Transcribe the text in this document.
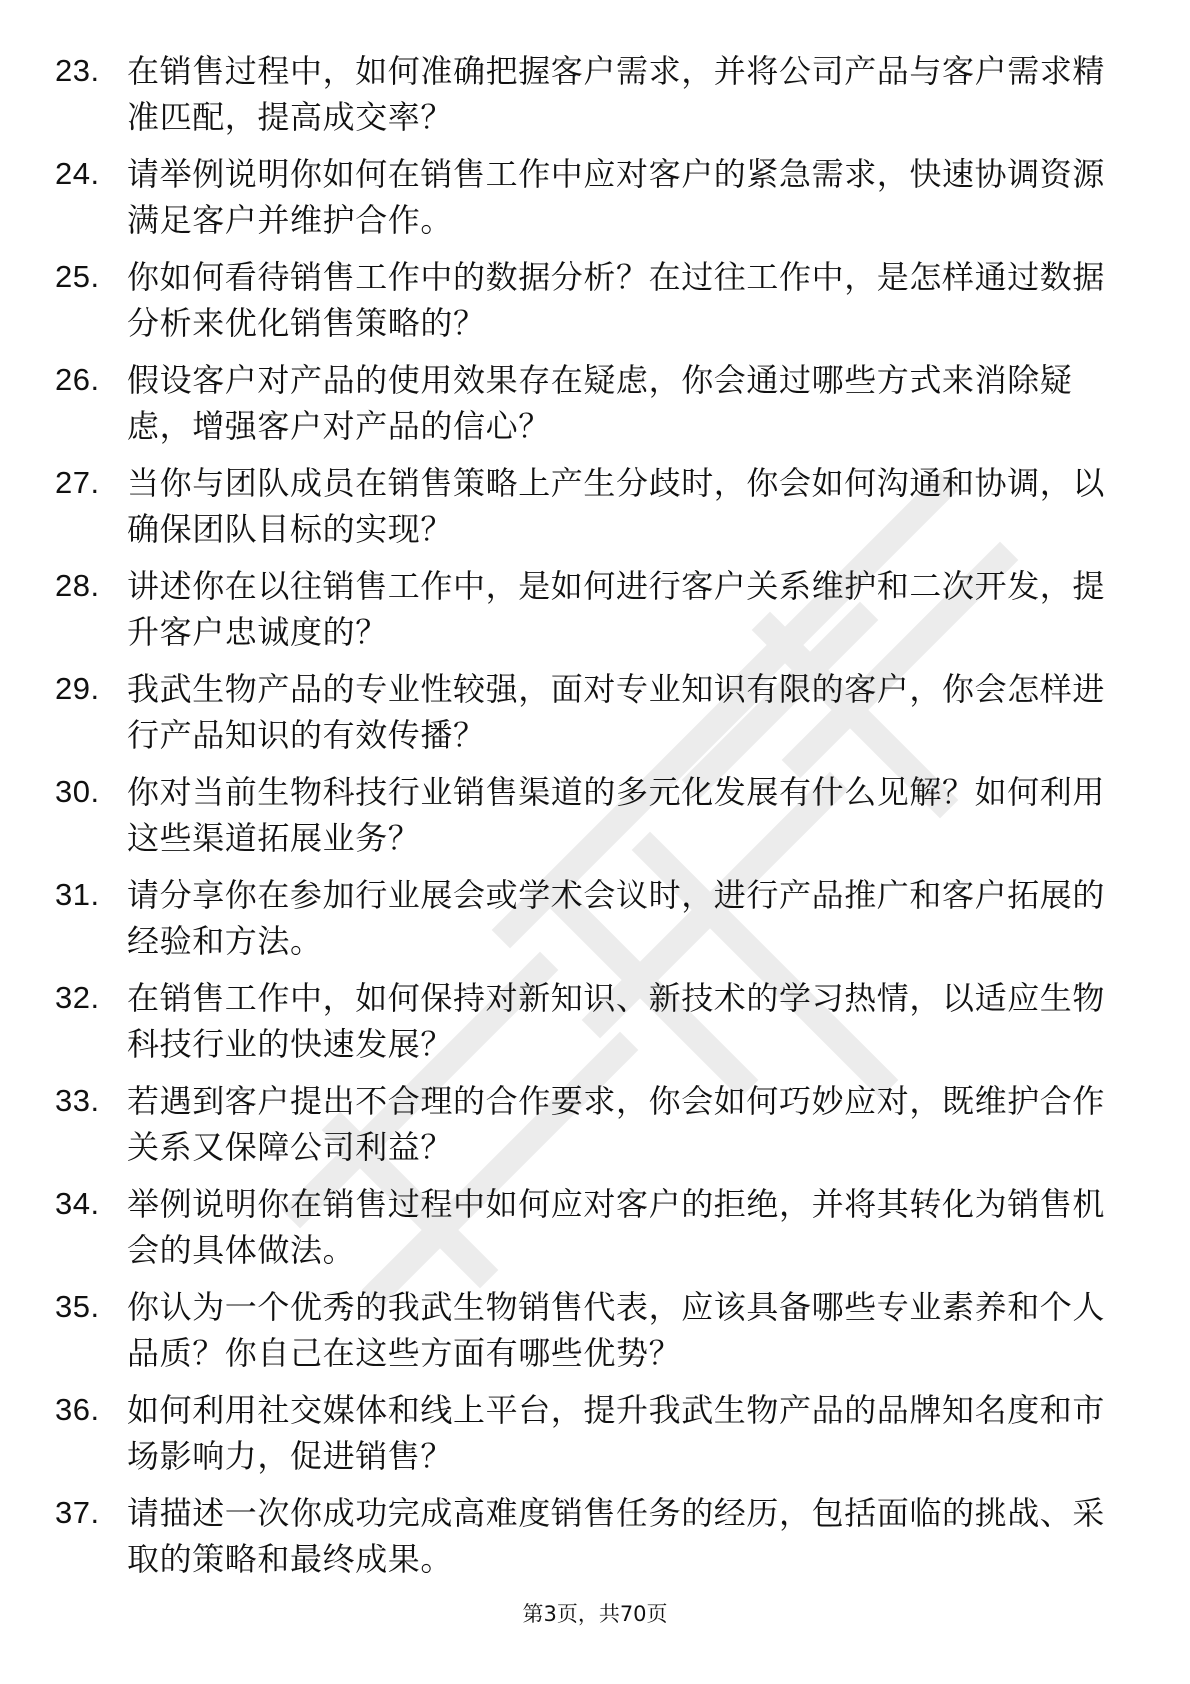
23. 在销售过程中，如何准确把握客户需求，并将公司产品与客户需求精准匹配，提高成交率？
24. 请举例说明你如何在销售工作中应对客户的紧急需求，快速协调资源满足客户并维护合作。
25. 你如何看待销售工作中的数据分析？在过往工作中，是怎样通过数据分析来优化销售策略的？
26. 假设客户对产品的使用效果存在疑虑，你会通过哪些方式来消除疑虑，增强客户对产品的信心？
27. 当你与团队成员在销售策略上产生分歧时，你会如何沟通和协调，以确保团队目标的实现？
28. 讲述你在以往销售工作中，是如何进行客户关系维护和二次开发，提升客户忠诚度的？
29. 我武生物产品的专业性较强，面对专业知识有限的客户，你会怎样进行产品知识的有效传播？
30. 你对当前生物科技行业销售渠道的多元化发展有什么见解？如何利用这些渠道拓展业务？
31. 请分享你在参加行业展会或学术会议时，进行产品推广和客户拓展的经验和方法。
32. 在销售工作中，如何保持对新知识、新技术的学习热情，以适应生物科技行业的快速发展？
33. 若遇到客户提出不合理的合作要求，你会如何巧妙应对，既维护合作关系又保障公司利益？
34. 举例说明你在销售过程中如何应对客户的拒绝，并将其转化为销售机会的具体做法。
35. 你认为一个优秀的我武生物销售代表，应该具备哪些专业素养和个人品质？你自己在这些方面有哪些优势？
36. 如何利用社交媒体和线上平台，提升我武生物产品的品牌知名度和市场影响力，促进销售？
37. 请描述一次你成功完成高难度销售任务的经历，包括面临的挑战、采取的策略和最终成果。
第3页，共70页
